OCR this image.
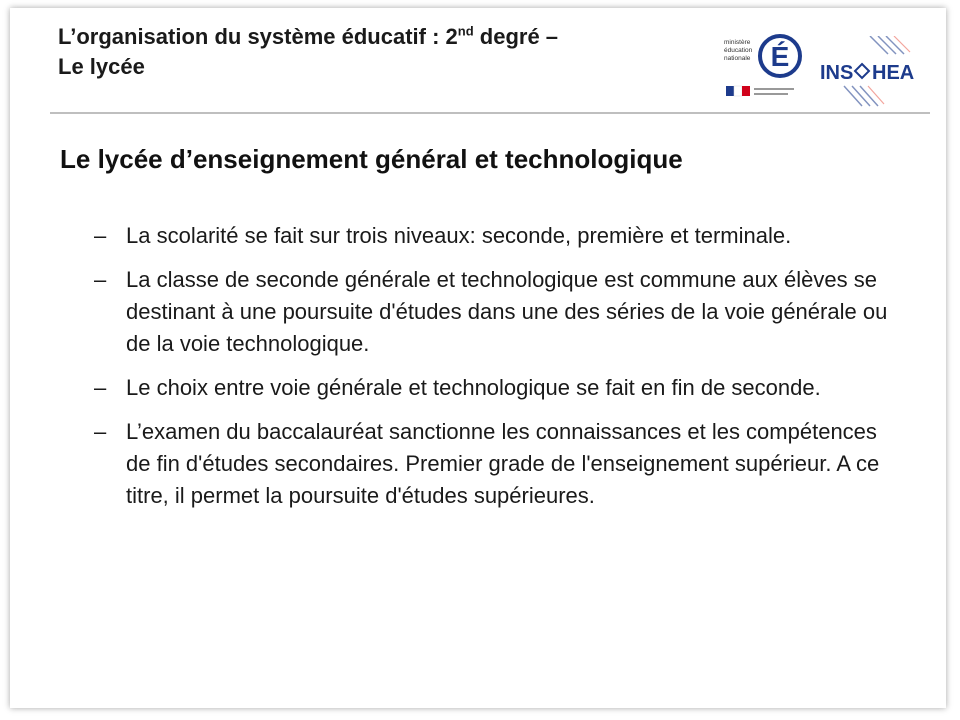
L’organisation du système éducatif : 2nd degré –
Le lycée
ministère
éducation
nationale É
INS HEA
Le lycée d’enseignement général et technologique
– La scolarité se fait sur trois niveaux: seconde, première et terminale.
– La classe de seconde générale et technologique est commune aux élèves se destinant à une poursuite d'études dans une des séries de la voie générale ou de la voie technologique.
– Le choix entre voie générale et technologique se fait en fin de seconde.
– L’examen du baccalauréat sanctionne les connaissances et les compétences de fin d'études secondaires. Premier grade de l'enseignement supérieur. A ce titre, il permet la poursuite d'études supérieures.
